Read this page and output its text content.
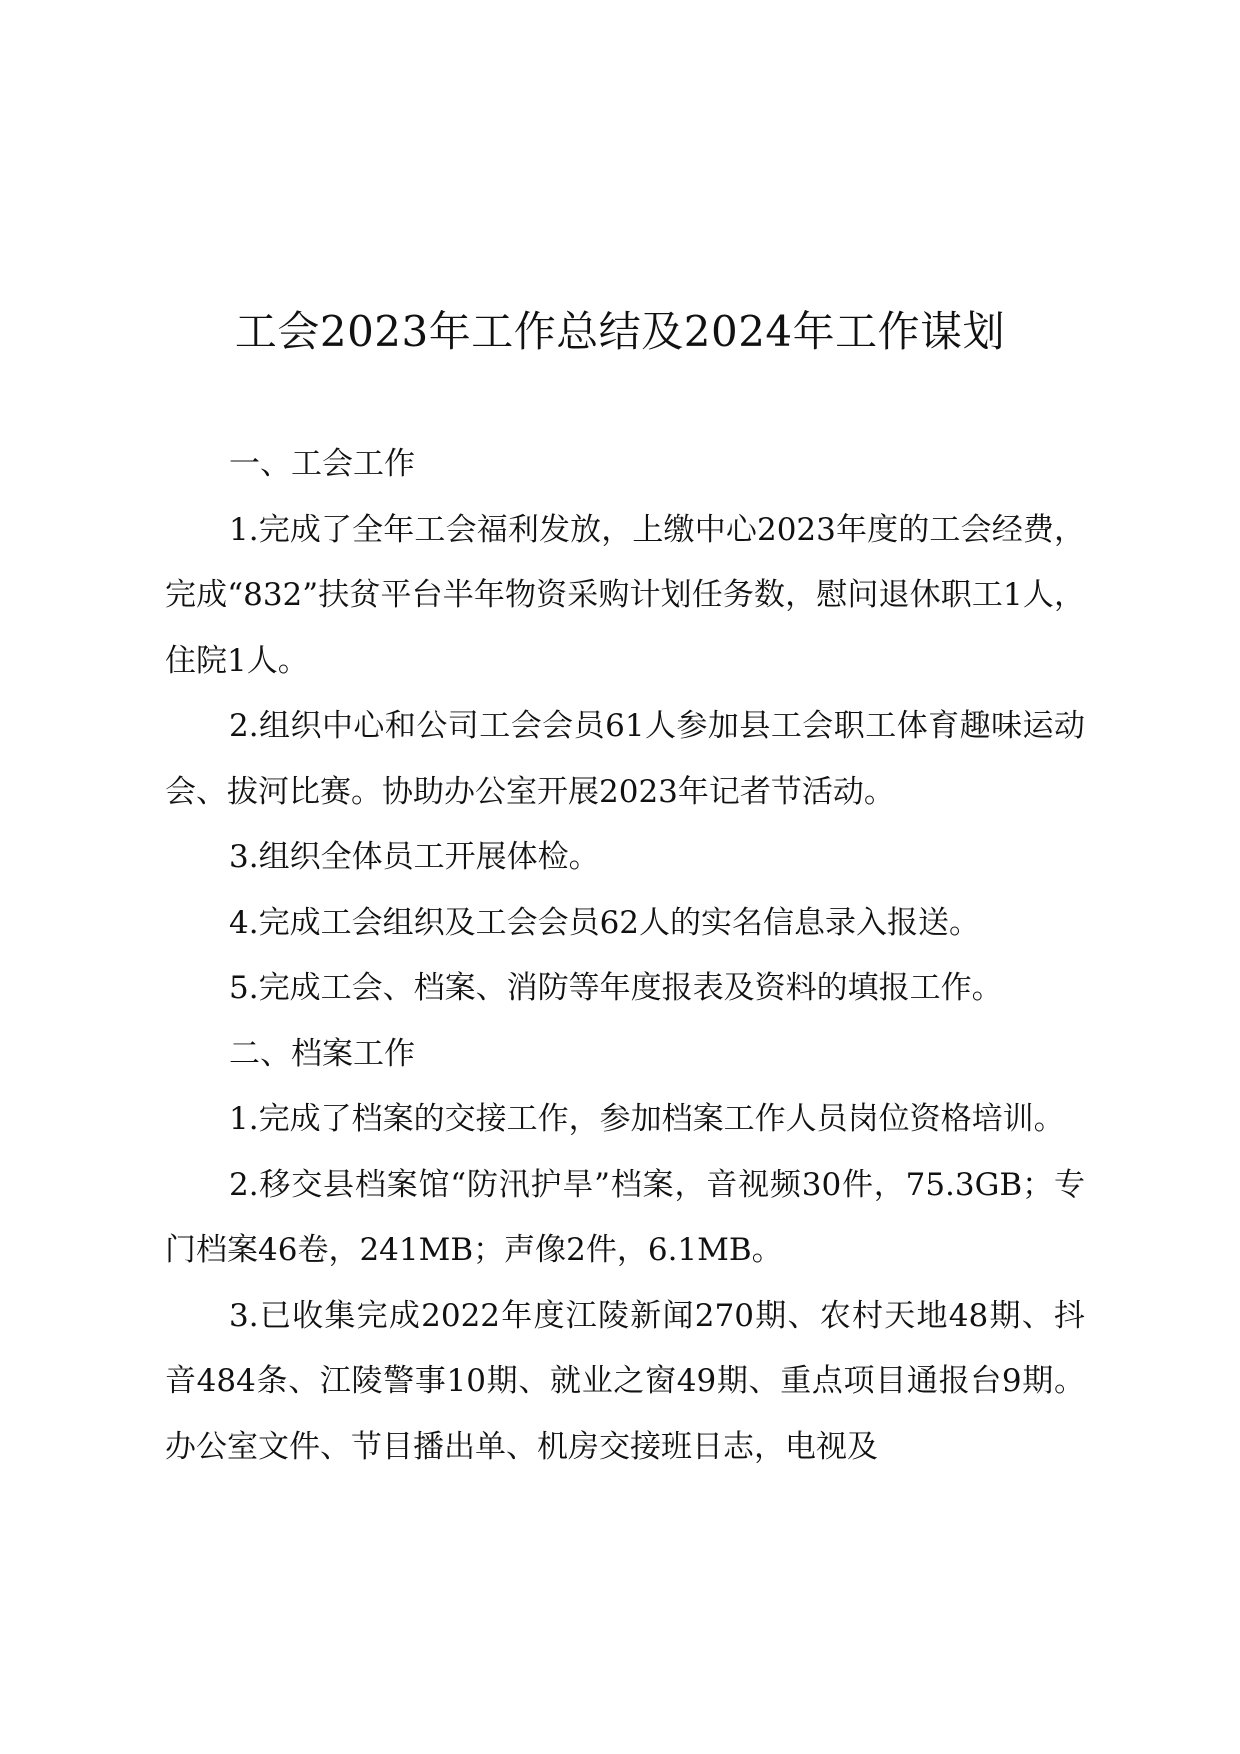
工会2023年工作总结及2024年工作谋划

一、工会工作

1.完成了全年工会福利发放，上缴中心2023年度的工会经费，完成“832”扶贫平台半年物资采购计划任务数，慰问退休职工1人，住院1人。

2.组织中心和公司工会会员61人参加县工会职工体育趣味运动会、拔河比赛。协助办公室开展2023年记者节活动。

3.组织全体员工开展体检。

4.完成工会组织及工会会员62人的实名信息录入报送。

5.完成工会、档案、消防等年度报表及资料的填报工作。

二、档案工作

1.完成了档案的交接工作，参加档案工作人员岗位资格培训。

2.移交县档案馆“防汛护旱”档案，音视频30件，75.3GB；专门档案46卷，241MB；声像2件，6.1MB。

3.已收集完成2022年度江陵新闻270期、农村天地48期、抖音484条、江陵警事10期、就业之窗49期、重点项目通报台9期。办公室文件、节目播出单、机房交接班日志，电视及
